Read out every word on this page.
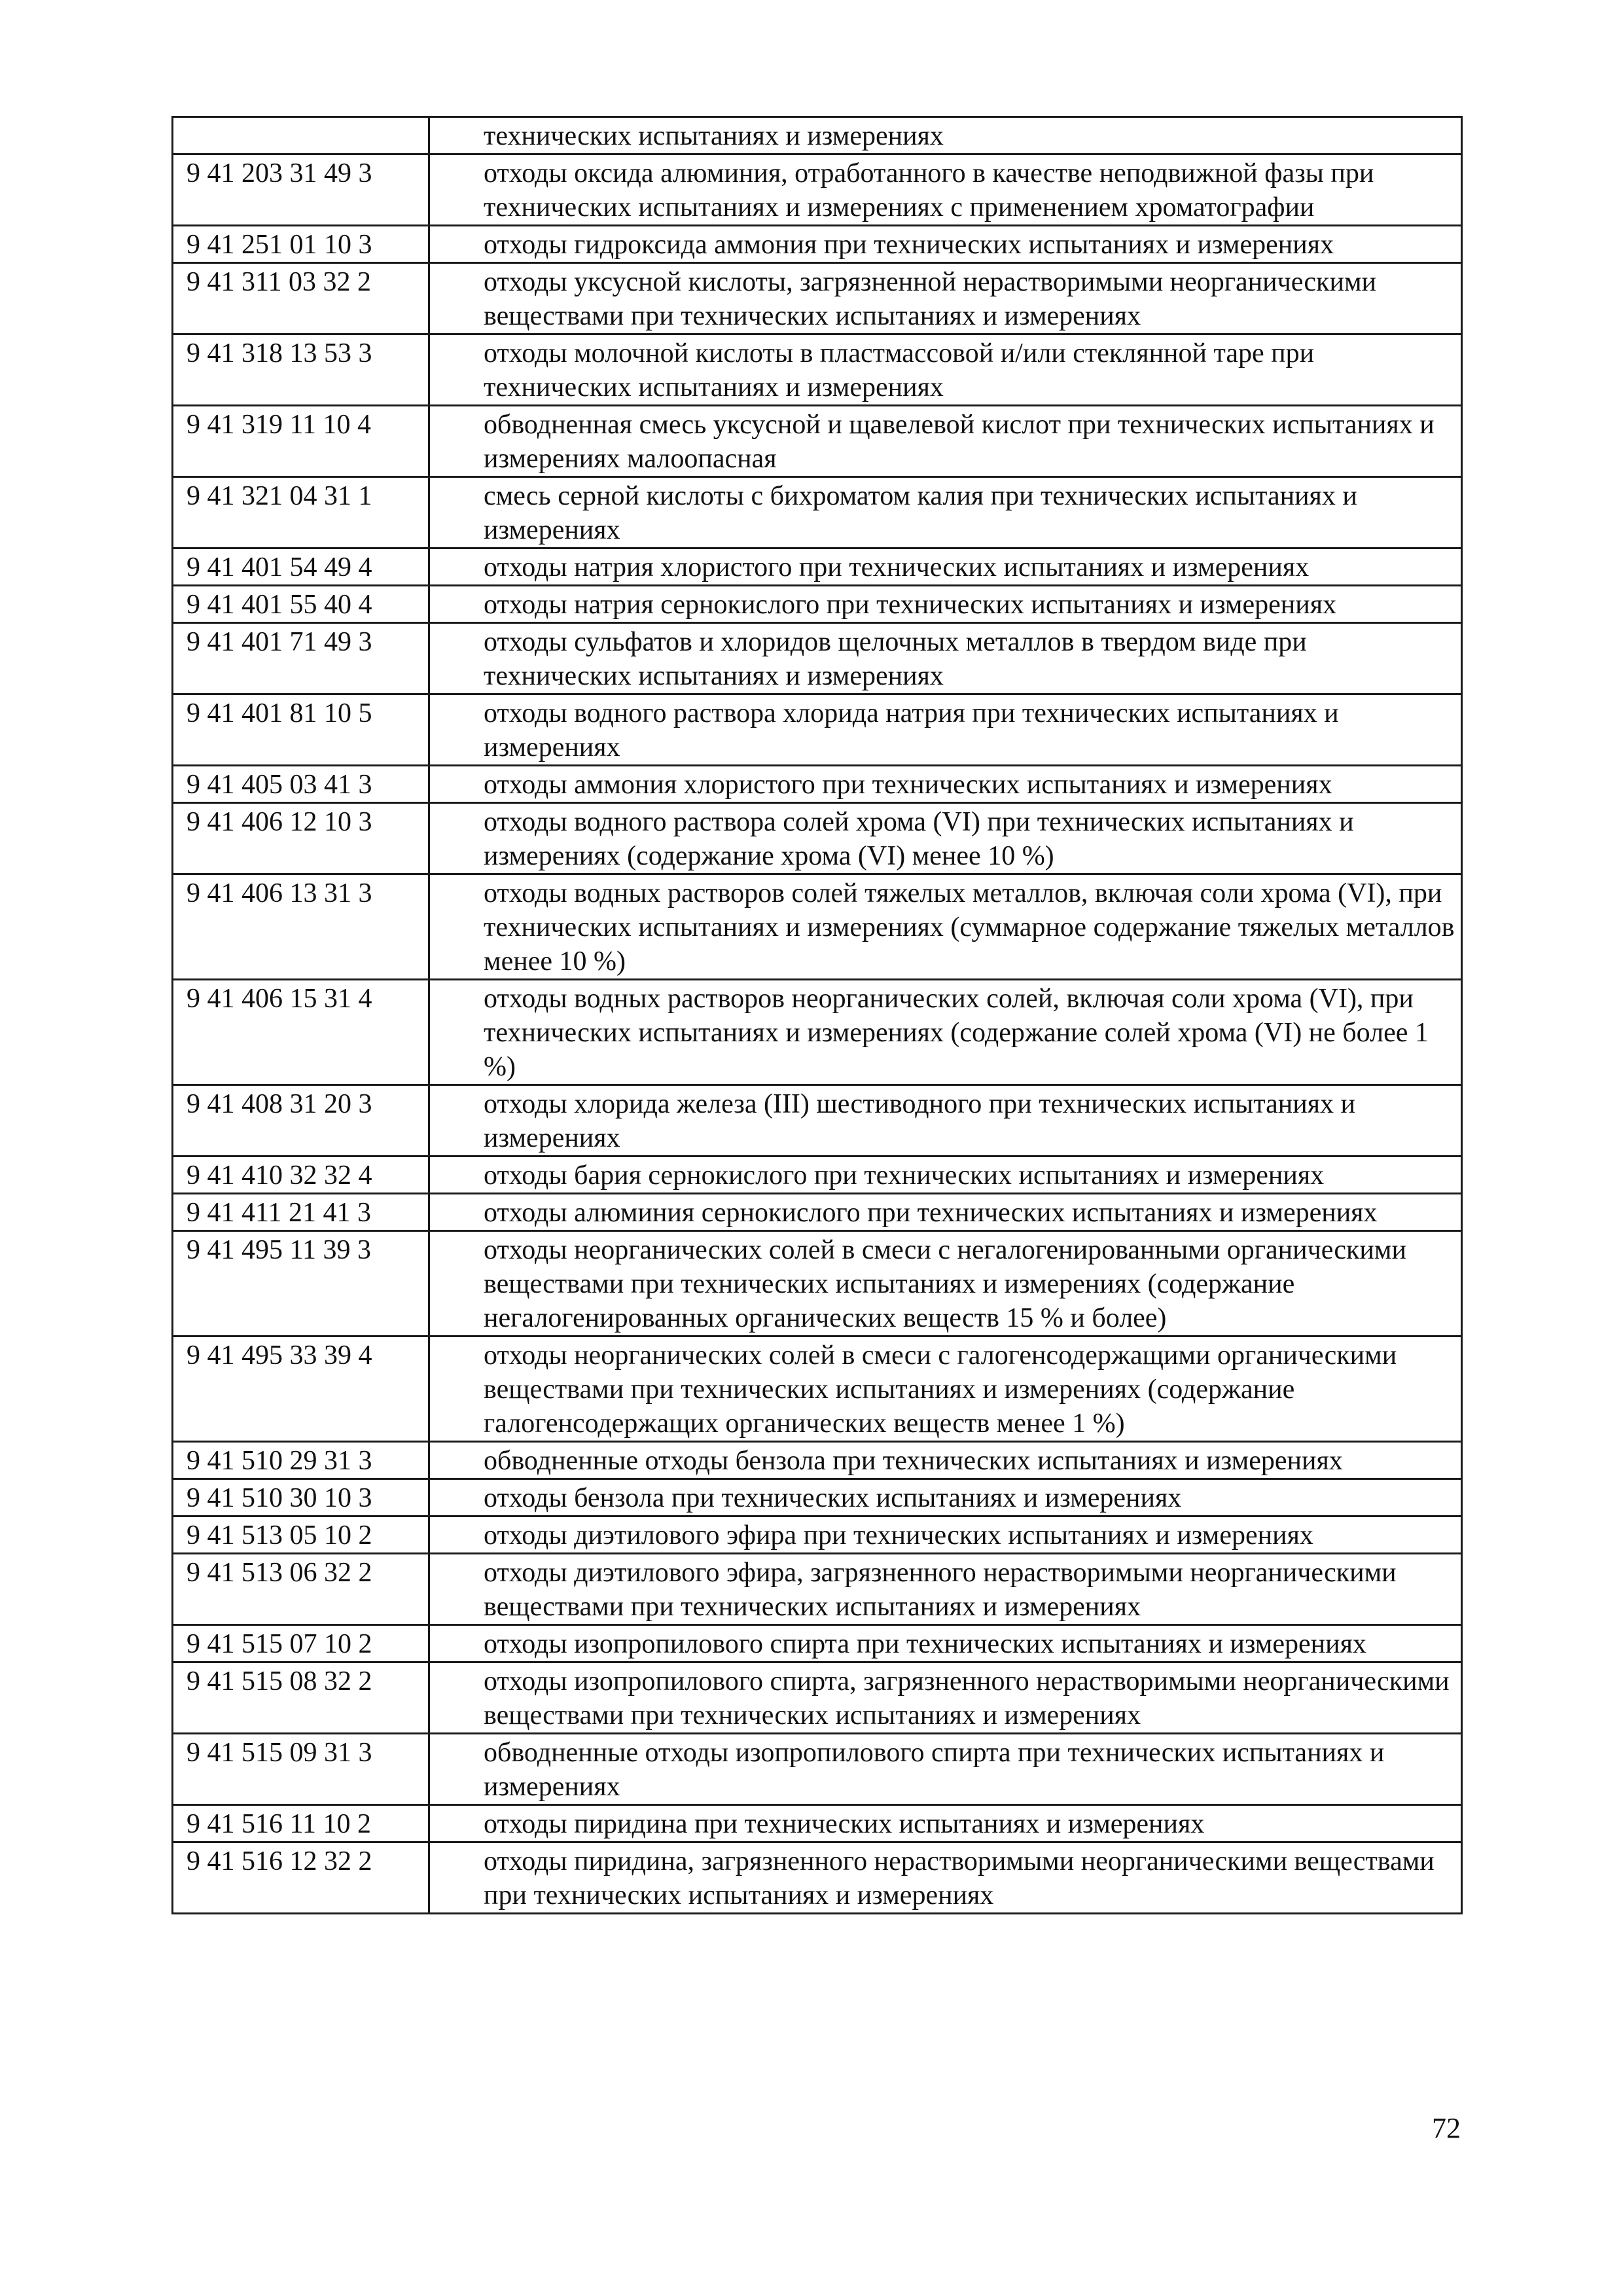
	технических испытаниях и измерениях
9 41 203 31 49 3	отходы оксида алюминия, отработанного в качестве неподвижной фазы при технических испытаниях и измерениях с применением хроматографии
9 41 251 01 10 3	отходы гидроксида аммония при технических испытаниях и измерениях
9 41 311 03 32 2	отходы уксусной кислоты, загрязненной нерастворимыми неорганическими веществами при технических испытаниях и измерениях
9 41 318 13 53 3	отходы молочной кислоты в пластмассовой и/или стеклянной таре при технических испытаниях и измерениях
9 41 319 11 10 4	обводненная смесь уксусной и щавелевой кислот при технических испытаниях и измерениях малоопасная
9 41 321 04 31 1	смесь серной кислоты с бихроматом калия при технических испытаниях и измерениях
9 41 401 54 49 4	отходы натрия хлористого при технических испытаниях и измерениях
9 41 401 55 40 4	отходы натрия сернокислого при технических испытаниях и измерениях
9 41 401 71 49 3	отходы сульфатов и хлоридов щелочных металлов в твердом виде при технических испытаниях и измерениях
9 41 401 81 10 5	отходы водного раствора хлорида натрия при технических испытаниях и измерениях
9 41 405 03 41 3	отходы аммония хлористого при технических испытаниях и измерениях
9 41 406 12 10 3	отходы водного раствора солей хрома (VI) при технических испытаниях и измерениях (содержание хрома (VI) менее 10 %)
9 41 406 13 31 3	отходы водных растворов солей тяжелых металлов, включая соли хрома (VI), при технических испытаниях и измерениях (суммарное содержание тяжелых металлов менее 10 %)
9 41 406 15 31 4	отходы водных растворов неорганических солей, включая соли хрома (VI), при технических испытаниях и измерениях (содержание солей хрома (VI) не более 1 %)
9 41 408 31 20 3	отходы хлорида железа (III) шестиводного при технических испытаниях и измерениях
9 41 410 32 32 4	отходы бария сернокислого при технических испытаниях и измерениях
9 41 411 21 41 3	отходы алюминия сернокислого при технических испытаниях и измерениях
9 41 495 11 39 3	отходы неорганических солей в смеси с негалогенированными органическими веществами при технических испытаниях и измерениях (содержание негалогенированных органических веществ 15 % и более)
9 41 495 33 39 4	отходы неорганических солей в смеси с галогенсодержащими органическими веществами при технических испытаниях и измерениях (содержание галогенсодержащих органических веществ менее 1 %)
9 41 510 29 31 3	обводненные отходы бензола при технических испытаниях и измерениях
9 41 510 30 10 3	отходы бензола при технических испытаниях и измерениях
9 41 513 05 10 2	отходы диэтилового эфира при технических испытаниях и измерениях
9 41 513 06 32 2	отходы диэтилового эфира, загрязненного нерастворимыми неорганическими веществами при технических испытаниях и измерениях
9 41 515 07 10 2	отходы изопропилового спирта при технических испытаниях и измерениях
9 41 515 08 32 2	отходы изопропилового спирта, загрязненного нерастворимыми неорганическими веществами при технических испытаниях и измерениях
9 41 515 09 31 3	обводненные отходы изопропилового спирта при технических испытаниях и измерениях
9 41 516 11 10 2	отходы пиридина при технических испытаниях и измерениях
9 41 516 12 32 2	отходы пиридина, загрязненного нерастворимыми неорганическими веществами при технических испытаниях и измерениях
72
